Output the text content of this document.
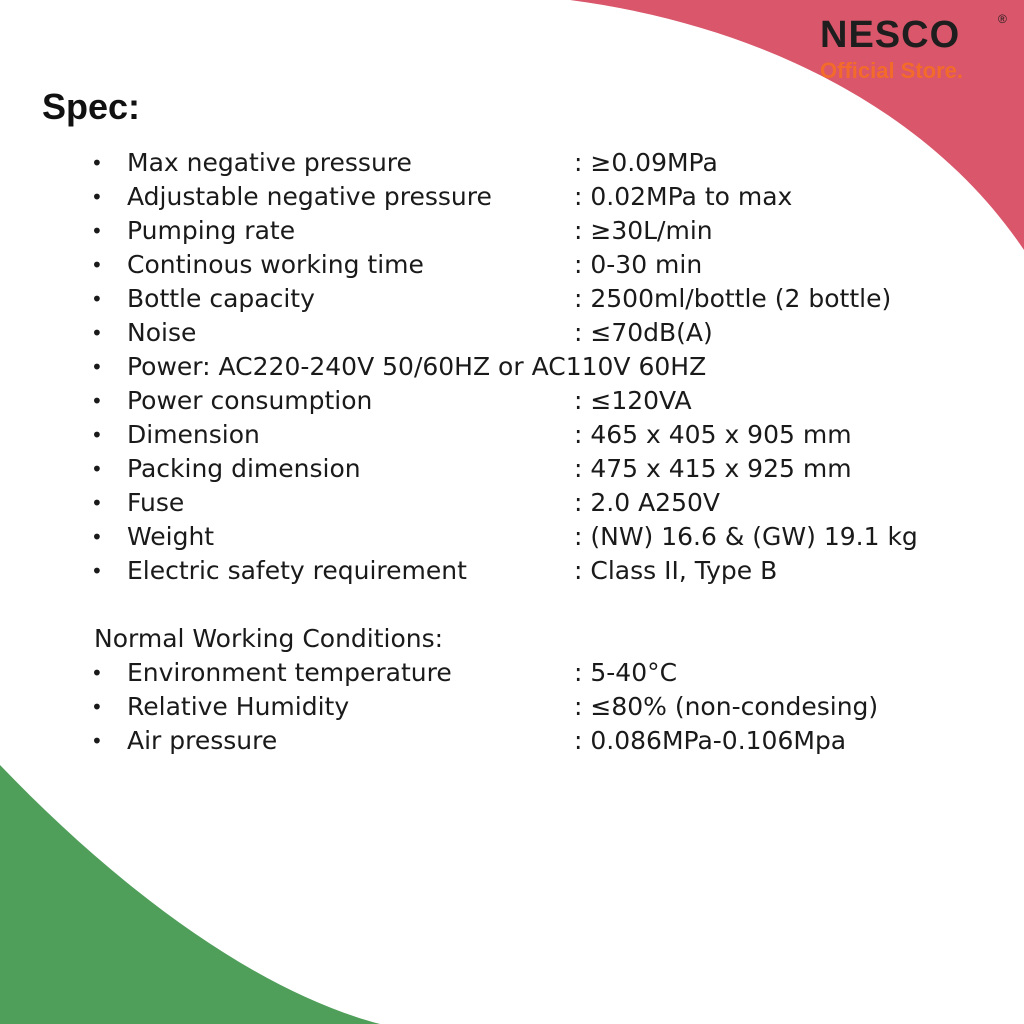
NESCO	®
Official Store.
Spec:
• Max negative pressure	: ≥0.09MPa
• Adjustable negative pressure	: 0.02MPa to max
• Pumping rate	: ≥30L/min
• Continous working time	: 0-30 min
• Bottle capacity	: 2500ml/bottle (2 bottle)
• Noise	: ≤70dB(A)
• Power: AC220-240V 50/60HZ or AC110V 60HZ
• Power consumption	: ≤120VA
• Dimension	: 465 x 405 x 905 mm
• Packing dimension	: 475 x 415 x 925 mm
• Fuse	: 2.0 A250V
• Weight	: (NW) 16.6 & (GW) 19.1 kg
• Electric safety requirement	: Class II, Type B
Normal Working Conditions:
• Environment temperature	: 5-40°C
• Relative Humidity	: ≤80% (non-condesing)
• Air pressure	: 0.086MPa-0.106Mpa
